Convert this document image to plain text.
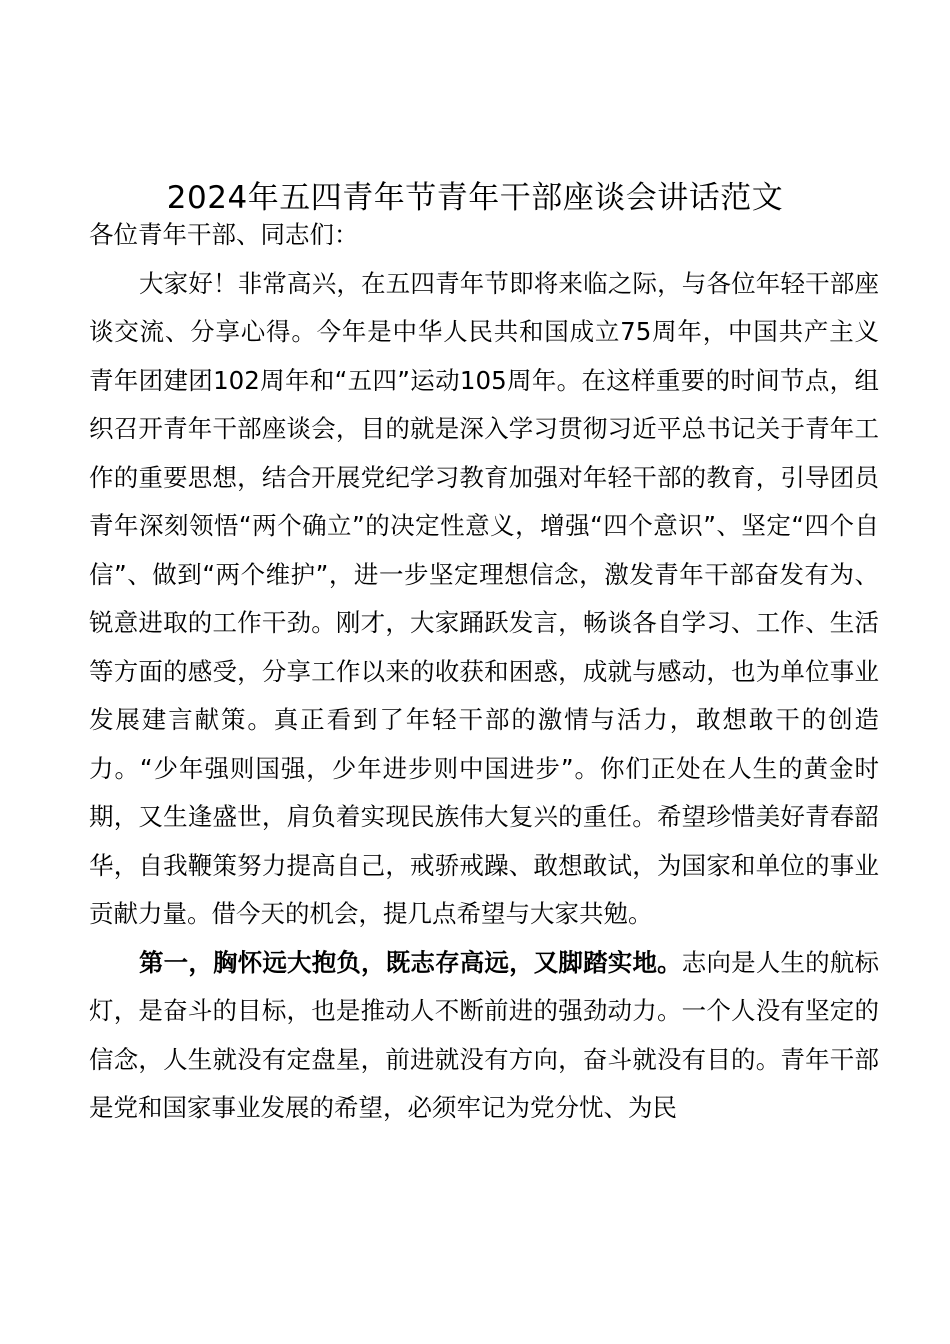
2024年五四青年节青年干部座谈会讲话范文

各位青年干部、同志们：

大家好！非常高兴，在五四青年节即将来临之际，与各位年轻干部座谈交流、分享心得。今年是中华人民共和国成立75周年，中国共产主义青年团建团102周年和“五四”运动105周年。在这样重要的时间节点，组织召开青年干部座谈会，目的就是深入学习贯彻习近平总书记关于青年工作的重要思想，结合开展党纪学习教育加强对年轻干部的教育，引导团员青年深刻领悟“两个确立”的决定性意义，增强“四个意识”、坚定“四个自信”、做到“两个维护”，进一步坚定理想信念，激发青年干部奋发有为、锐意进取的工作干劲。刚才，大家踊跃发言，畅谈各自学习、工作、生活等方面的感受，分享工作以来的收获和困惑，成就与感动，也为单位事业发展建言献策。真正看到了年轻干部的激情与活力，敢想敢干的创造力。“少年强则国强，少年进步则中国进步”。你们正处在人生的黄金时期，又生逢盛世，肩负着实现民族伟大复兴的重任。希望珍惜美好青春韶华，自我鞭策努力提高自己，戒骄戒躁、敢想敢试，为国家和单位的事业贡献力量。借今天的机会，提几点希望与大家共勉。

第一，胸怀远大抱负，既志存高远，又脚踏实地。志向是人生的航标灯，是奋斗的目标，也是推动人不断前进的强劲动力。一个人没有坚定的信念，人生就没有定盘星，前进就没有方向，奋斗就没有目的。青年干部是党和国家事业发展的希望，必须牢记为党分忧、为民
